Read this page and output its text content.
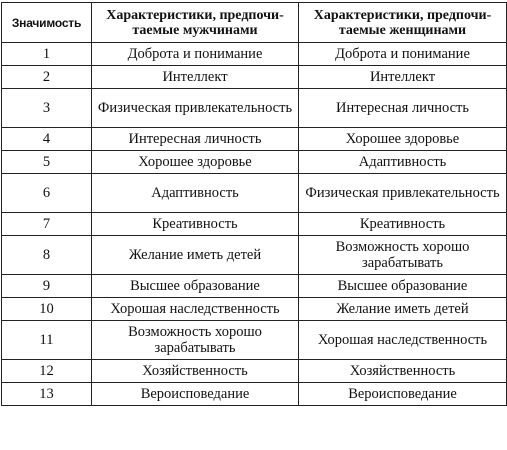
Значимость	Характеристики, предпочи-таемые мужчинами	Характеристики, предпочи-таемые женщинами
1	Доброта и понимание	Доброта и понимание
2	Интеллект	Интеллект
3	Физическая привлекательность	Интересная личность
4	Интересная личность	Хорошее здоровье
5	Хорошее здоровье	Адаптивность
6	Адаптивность	Физическая привлекательность
7	Креативность	Креативность
8	Желание иметь детей	Возможность хорошо зарабатывать
9	Высшее образование	Высшее образование
10	Хорошая наследственность	Желание иметь детей
11	Возможность хорошо зарабатывать	Хорошая наследственность
12	Хозяйственность	Хозяйственность
13	Вероисповедание	Вероисповедание
